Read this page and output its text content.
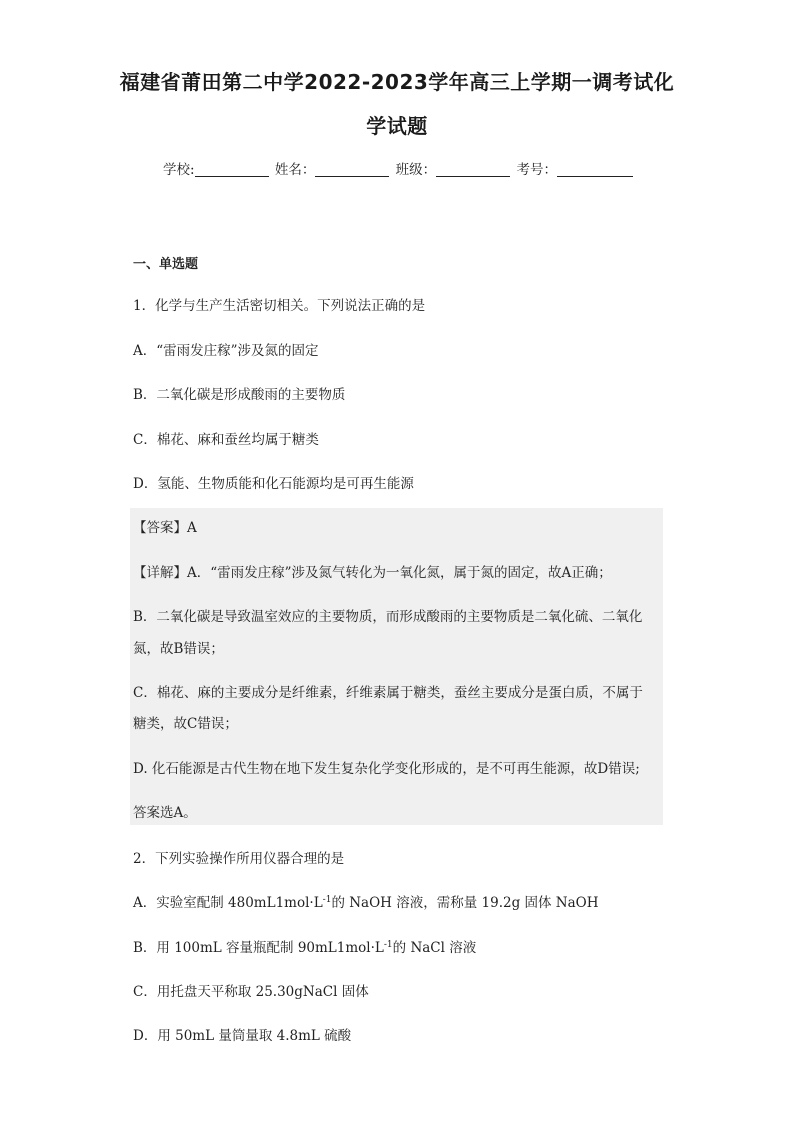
福建省莆田第二中学2022-2023学年高三上学期一调考试化
学试题
学校:	姓名：	班级：	考号：
一、单选题
1．化学与生产生活密切相关。下列说法正确的是
A．“雷雨发庄稼”涉及氮的固定
B．二氧化碳是形成酸雨的主要物质
C．棉花、麻和蚕丝均属于糖类
D．氢能、生物质能和化石能源均是可再生能源
【答案】A
【详解】A．“雷雨发庄稼”涉及氮气转化为一氧化氮，属于氮的固定，故A正确；
B．二氧化碳是导致温室效应的主要物质，而形成酸雨的主要物质是二氧化硫、二氧化
氮，故B错误；
C．棉花、麻的主要成分是纤维素，纤维素属于糖类，蚕丝主要成分是蛋白质，不属于
糖类，故C错误；
D. 化石能源是古代生物在地下发生复杂化学变化形成的，是不可再生能源，故D错误;
答案选A。
2．下列实验操作所用仪器合理的是
A．实验室配制 $480mL1mol\cdot L^{-1}$的 NaOH 溶液，需称量 19.2g 固体 NaOH
B．用 100mL 容量瓶配制 $90mL1mol\cdot L^{-1}$的 NaCl 溶液
C．用托盘天平称取 25.30gNaCl 固体
D．用 50mL 量筒量取 4.8mL 硫酸
